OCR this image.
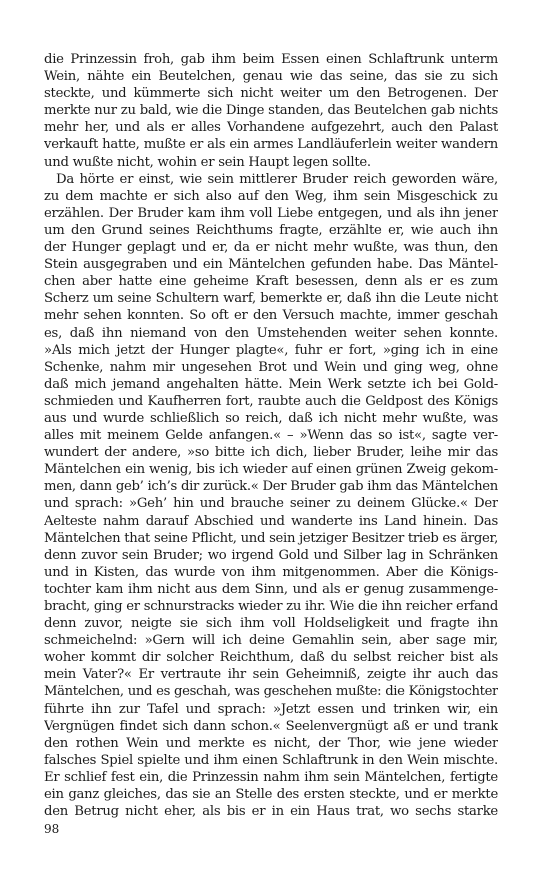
die Prinzessin froh, gab ihm beim Essen einen Schlaftrunk unterm
Wein, nähte ein Beutelchen, genau wie das seine, das sie zu sich
steckte, und kümmerte sich nicht weiter um den Betrogenen. Der
merkte nur zu bald, wie die Dinge standen, das Beutelchen gab nichts
mehr her, und als er alles Vorhandene aufgezehrt, auch den Palast
verkauft hatte, mußte er als ein armes Landläuferlein weiter wandern
und wußte nicht, wohin er sein Haupt legen sollte.
Da hörte er einst, wie sein mittlerer Bruder reich geworden wäre,
zu dem machte er sich also auf den Weg, ihm sein Misgeschick zu
erzählen. Der Bruder kam ihm voll Liebe entgegen, und als ihn jener
um den Grund seines Reichthums fragte, erzählte er, wie auch ihn
der Hunger geplagt und er, da er nicht mehr wußte, was thun, den
Stein ausgegraben und ein Mäntelchen gefunden habe. Das Mäntel-
chen aber hatte eine geheime Kraft besessen, denn als er es zum
Scherz um seine Schultern warf, bemerkte er, daß ihn die Leute nicht
mehr sehen konnten. So oft er den Versuch machte, immer geschah
es, daß ihn niemand von den Umstehenden weiter sehen konnte.
»Als mich jetzt der Hunger plagte«, fuhr er fort, »ging ich in eine
Schenke, nahm mir ungesehen Brot und Wein und ging weg, ohne
daß mich jemand angehalten hätte. Mein Werk setzte ich bei Gold-
schmieden und Kaufherren fort, raubte auch die Geldpost des Königs
aus und wurde schließlich so reich, daß ich nicht mehr wußte, was
alles mit meinem Gelde anfangen.« – »Wenn das so ist«, sagte ver-
wundert der andere, »so bitte ich dich, lieber Bruder, leihe mir das
Mäntelchen ein wenig, bis ich wieder auf einen grünen Zweig gekom-
men, dann geb’ ich’s dir zurück.« Der Bruder gab ihm das Mäntelchen
und sprach: »Geh’ hin und brauche seiner zu deinem Glücke.« Der
Aelteste nahm darauf Abschied und wanderte ins Land hinein. Das
Mäntelchen that seine Pflicht, und sein jetziger Besitzer trieb es ärger,
denn zuvor sein Bruder; wo irgend Gold und Silber lag in Schränken
und in Kisten, das wurde von ihm mitgenommen. Aber die Königs-
tochter kam ihm nicht aus dem Sinn, und als er genug zusammenge-
bracht, ging er schnurstracks wieder zu ihr. Wie die ihn reicher erfand
denn zuvor, neigte sie sich ihm voll Holdseligkeit und fragte ihn
schmeichelnd: »Gern will ich deine Gemahlin sein, aber sage mir,
woher kommt dir solcher Reichthum, daß du selbst reicher bist als
mein Vater?« Er vertraute ihr sein Geheimniß, zeigte ihr auch das
Mäntelchen, und es geschah, was geschehen mußte: die Königstochter
führte ihn zur Tafel und sprach: »Jetzt essen und trinken wir, ein
Vergnügen findet sich dann schon.« Seelenvergnügt aß er und trank
den rothen Wein und merkte es nicht, der Thor, wie jene wieder
falsches Spiel spielte und ihm einen Schlaftrunk in den Wein mischte.
Er schlief fest ein, die Prinzessin nahm ihm sein Mäntelchen, fertigte
ein ganz gleiches, das sie an Stelle des ersten steckte, und er merkte
den Betrug nicht eher, als bis er in ein Haus trat, wo sechs starke
98
